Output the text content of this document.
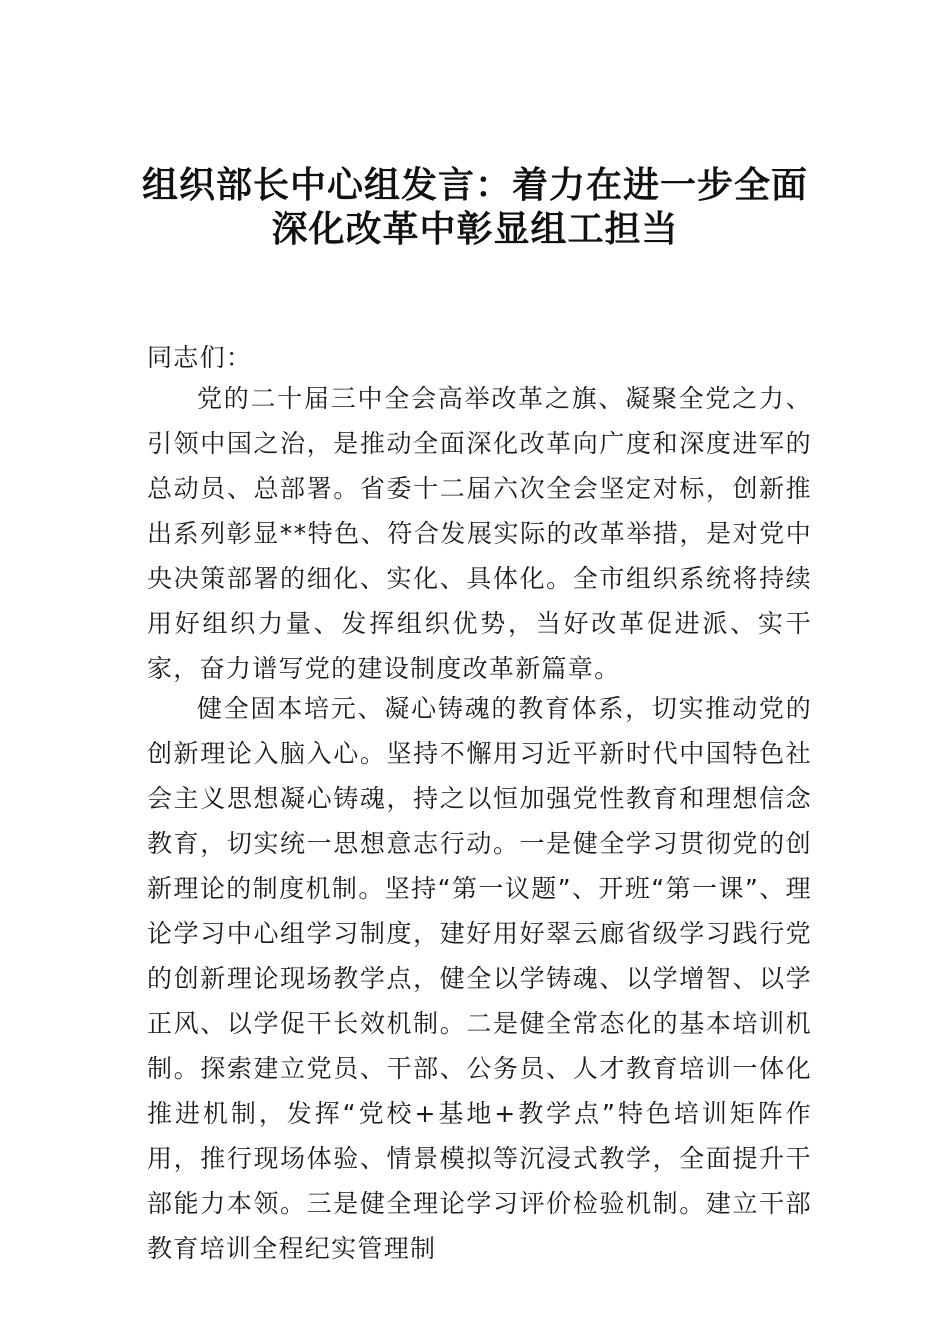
组织部长中心组发言：着力在进一步全面
深化改革中彰显组工担当

同志们：

党的二十届三中全会高举改革之旗、凝聚全党之力、引领中国之治，是推动全面深化改革向广度和深度进军的总动员、总部署。省委十二届六次全会坚定对标，创新推出系列彰显**特色、符合发展实际的改革举措，是对党中央决策部署的细化、实化、具体化。全市组织系统将持续用好组织力量、发挥组织优势，当好改革促进派、实干家，奋力谱写党的建设制度改革新篇章。

健全固本培元、凝心铸魂的教育体系，切实推动党的创新理论入脑入心。坚持不懈用习近平新时代中国特色社会主义思想凝心铸魂，持之以恒加强党性教育和理想信念教育，切实统一思想意志行动。一是健全学习贯彻党的创新理论的制度机制。坚持“第一议题”、开班“第一课”、理论学习中心组学习制度，建好用好翠云廊省级学习践行党的创新理论现场教学点，健全以学铸魂、以学增智、以学正风、以学促干长效机制。二是健全常态化的基本培训机制。探索建立党员、干部、公务员、人才教育培训一体化推进机制，发挥“党校+基地+教学点”特色培训矩阵作用，推行现场体验、情景模拟等沉浸式教学，全面提升干部能力本领。三是健全理论学习评价检验机制。建立干部教育培训全程纪实管理制
